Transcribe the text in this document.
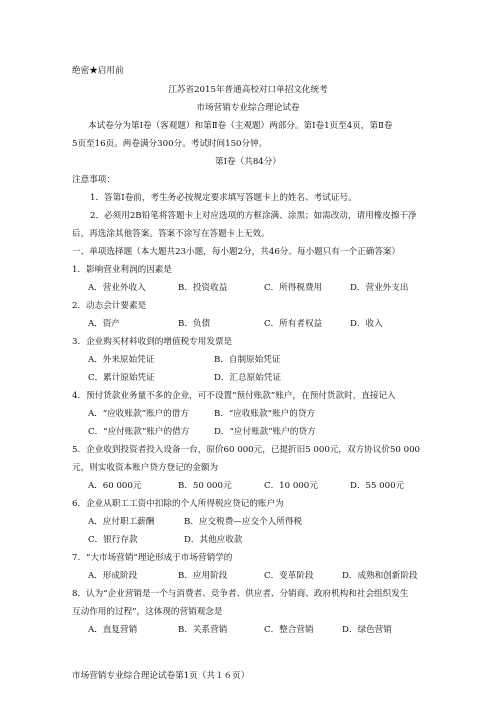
绝密★启用前
江苏省2015年普通高校对口单招文化统考
市场营销专业综合理论试卷
本试卷分为第Ⅰ卷（客观题）和第Ⅱ卷（主观题）两部分。第Ⅰ卷1页至4页，第Ⅱ卷
5页至16页。两卷满分300分。考试时间150分钟。
第Ⅰ卷（共84分）
注意事项：
1．答第Ⅰ卷前，考生务必按规定要求填写答题卡上的姓名、考试证号。
2．必须用2B铅笔将答题卡上对应选项的方框涂满、涂黑；如需改动，请用橡皮擦干净
后，再选涂其他答案。答案不涂写在答题卡上无效。
一、单项选择题（本大题共23小题，每小题2分，共46分。每小题只有一个正确答案）
1．影响营业利润的因素是
A．营业外收入	B．投资收益	C．所得税费用	D．营业外支出
2．动态会计要素是
A．资产	B．负债	C．所有者权益	D．收入
3．企业购买材料收到的增值税专用发票是
A．外来原始凭证	B．自制原始凭证
C．累计原始凭证	D．汇总原始凭证
4．预付货款业务量不多的企业，可不设置“预付账款”账户，在预付货款时，直接记入
A．“应收账款”账户的借方	B．“应收账款”账户的贷方
C．“应付账款”账户的借方	D．“应付账款”账户的贷方
5．企业收到投资者投入设备一台，原价60 000元，已提折旧5 000元，双方协议价50 000
元，则实收资本账户贷方登记的金额为
A．60 000元	B．50 000元	C．10 000元	D．55 000元
6．企业从职工工资中扣除的个人所得税应贷记的账户为
A．应付职工薪酬	B．应交税费—应交个人所得税
C．银行存款	D．其他应收款
7．“大市场营销”理论形成于市场营销学的
A．形成阶段	B．应用阶段	C．变革阶段	D．成熟和创新阶段
8．认为“企业营销是一个与消费者、竞争者、供应者、分销商、政府机构和社会组织发生
互动作用的过程”，这体现的营销观念是
A．直复营销	B．关系营销	C．整合营销	D．绿色营销
市场营销专业综合理论试卷第1页（共１６页）
